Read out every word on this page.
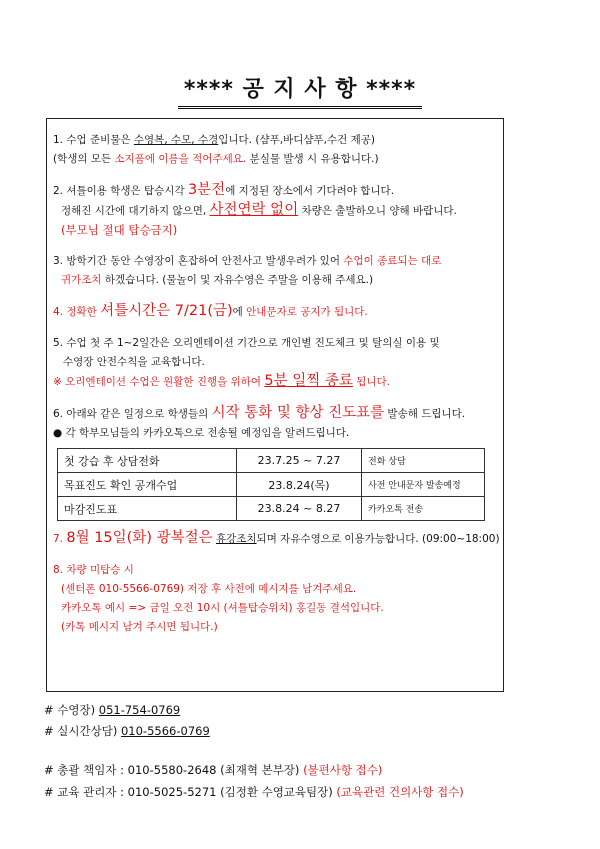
**** 공 지 사 항 ****
1. 수업 준비물은 수영복, 수모, 수경입니다. (샴푸,바디샴푸,수건 제공)
(학생의 모든 소지품에 이름을 적어주세요. 분실물 발생 시 유용합니다.)
2. 셔틀이용 학생은 탑승시각 3분전에 지정된 장소에서 기다려야 합니다.
정해진 시간에 대기하지 않으면, 사전연락 없이 차량은 출발하오니 양해 바랍니다.
(부모님 절대 탑승금지)
3. 방학기간 동안 수영장이 혼잡하여 안전사고 발생우려가 있어 수업이 종료되는 대로
귀가조치 하겠습니다. (물놀이 및 자유수영은 주말을 이용해 주세요.)
4. 정확한 셔틀시간은 7/21(금)에 안내문자로 공지가 됩니다.
5. 수업 첫 주 1~2일간은 오리엔테이션 기간으로 개인별 진도체크 및 탈의실 이용 및
수영장 안전수칙을 교육합니다.
※ 오리엔테이션 수업은 원활한 진행을 위하여 5분 일찍 종료 됩니다.
6. 아래와 같은 일정으로 학생들의 시작 통화 및 향상 진도표를 발송해 드립니다.
● 각 학부모님들의 카카오톡으로 전송될 예정임을 알려드립니다.
첫 강습 후 상담전화	23.7.25 ~ 7.27	전화 상담
목표진도 확인 공개수업	23.8.24(목)	사전 안내문자 발송예정
마감진도표	23.8.24 ~ 8.27	카카오톡 전송
7. 8월 15일(화) 광복절은 휴강조치되며 자유수영으로 이용가능합니다. (09:00~18:00)
8. 차량 미탑승 시
(센터폰 010-5566-0769) 저장 후 사전에 메시지를 남겨주세요.
카카오톡 예시 => 금일 오전 10시 (셔틀탑승위치) 홍길동 결석입니다.
(카톡 메시지 남겨 주시면 됩니다.)
# 수영장) 051-754-0769
# 실시간상담) 010-5566-0769
# 총괄 책임자 : 010-5580-2648 (최재혁 본부장) (불편사항 접수)
# 교육 관리자 : 010-5025-5271 (김정환 수영교육팀장) (교육관련 건의사항 접수)
